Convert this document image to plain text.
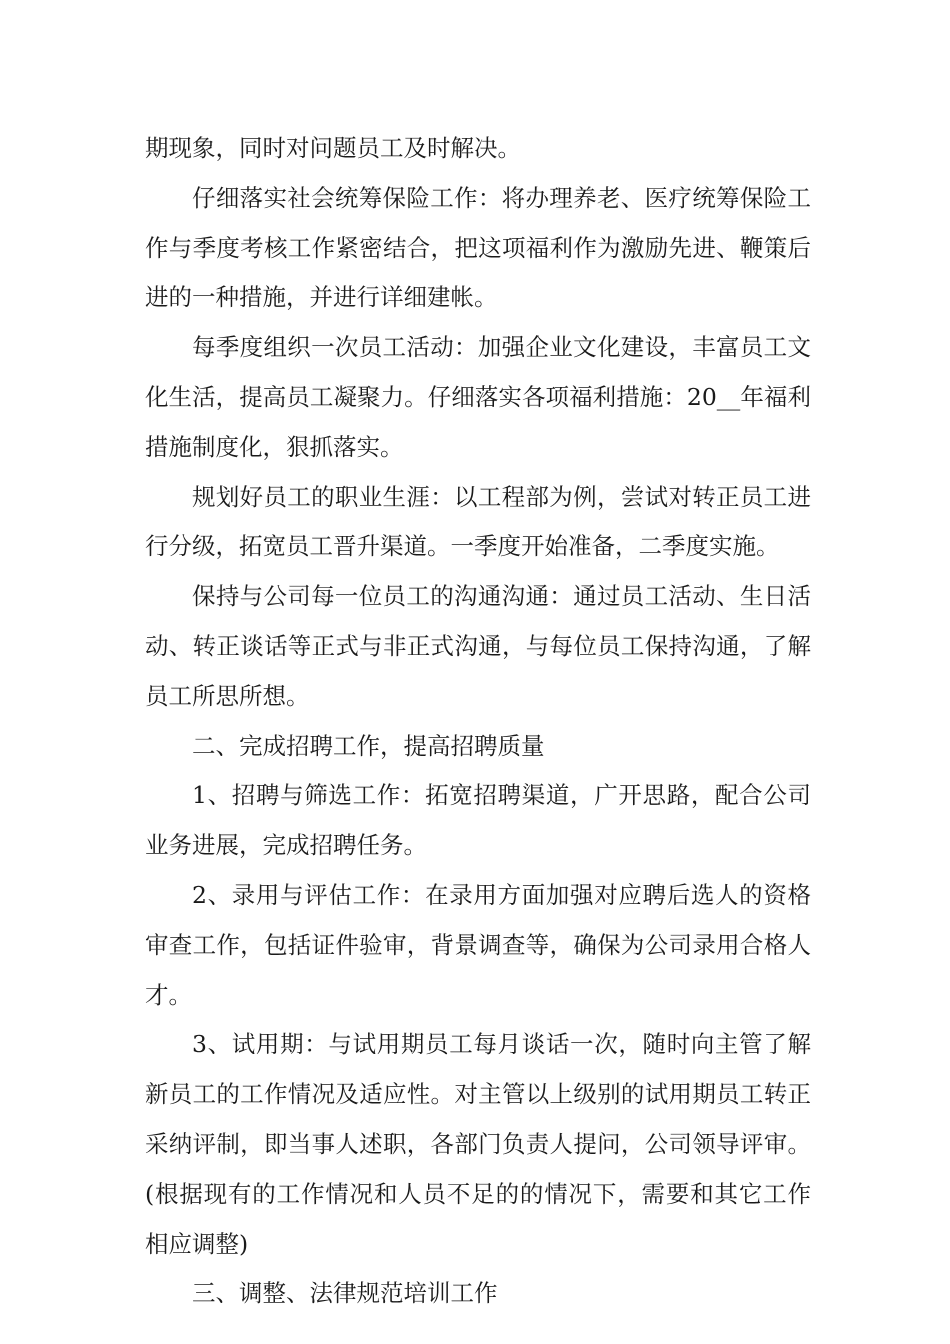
期现象，同时对问题员工及时解决。

仔细落实社会统筹保险工作：将办理养老、医疗统筹保险工作与季度考核工作紧密结合，把这项福利作为激励先进、鞭策后进的一种措施，并进行详细建帐。

每季度组织一次员工活动：加强企业文化建设，丰富员工文化生活，提高员工凝聚力。仔细落实各项福利措施：20__年福利措施制度化，狠抓落实。

规划好员工的职业生涯：以工程部为例，尝试对转正员工进行分级，拓宽员工晋升渠道。一季度开始准备，二季度实施。

保持与公司每一位员工的沟通沟通：通过员工活动、生日活动、转正谈话等正式与非正式沟通，与每位员工保持沟通，了解员工所思所想。

二、完成招聘工作，提高招聘质量

1、招聘与筛选工作：拓宽招聘渠道，广开思路，配合公司业务进展，完成招聘任务。

2、录用与评估工作：在录用方面加强对应聘后选人的资格审查工作，包括证件验审，背景调查等，确保为公司录用合格人才。

3、试用期：与试用期员工每月谈话一次，随时向主管了解新员工的工作情况及适应性。对主管以上级别的试用期员工转正采纳评制，即当事人述职，各部门负责人提问，公司领导评审。(根据现有的工作情况和人员不足的的情况下，需要和其它工作相应调整)

三、调整、法律规范培训工作
